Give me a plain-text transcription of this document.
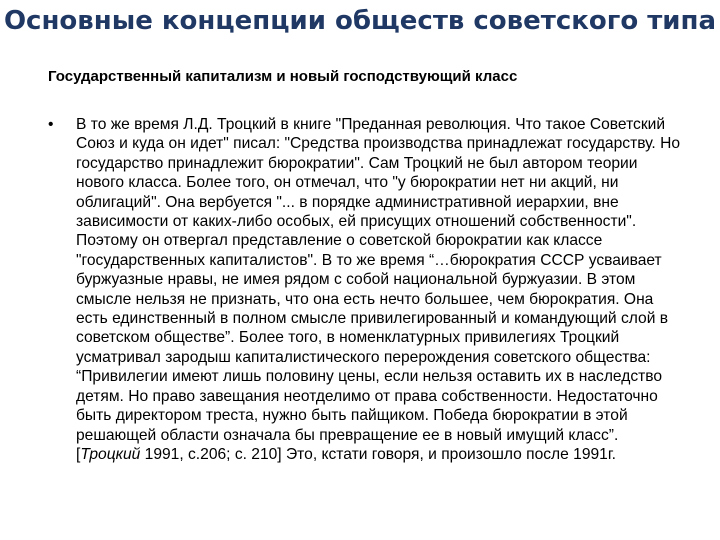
Основные концепции обществ советского типа

Государственный капитализм и новый господствующий класс

• В то же время Л.Д. Троцкий в книге "Преданная революция. Что такое Советский Союз и куда он идет" писал: "Средства производства принадлежат государству. Но государство принадлежит бюрократии". Сам Троцкий не был автором теории нового класса. Более того, он отмечал, что "у бюрократии нет ни акций, ни облигаций". Она вербуется "... в порядке административной иерархии, вне зависимости от каких-либо особых, ей присущих отношений собственности". Поэтому он отвергал представление о советской бюрократии как классе "государственных капиталистов". В то же время “…бюрократия СССР усваивает буржуазные нравы, не имея рядом с собой национальной буржуазии. В этом смысле нельзя не признать, что она есть нечто большее, чем бюрократия. Она есть единственный в полном смысле привилегированный и командующий слой в советском обществе”. Более того, в номенклатурных привилегиях Троцкий усматривал зародыш капиталистического перерождения советского общества: “Привилегии имеют лишь половину цены, если нельзя оставить их в наследство детям. Но право завещания неотделимо от права собственности. Недостаточно быть директором треста, нужно быть пайщиком. Победа бюрократии в этой решающей области означала бы превращение ее в новый имущий класс”. [Троцкий 1991, с.206; с. 210] Это, кстати говоря, и произошло после 1991г.
